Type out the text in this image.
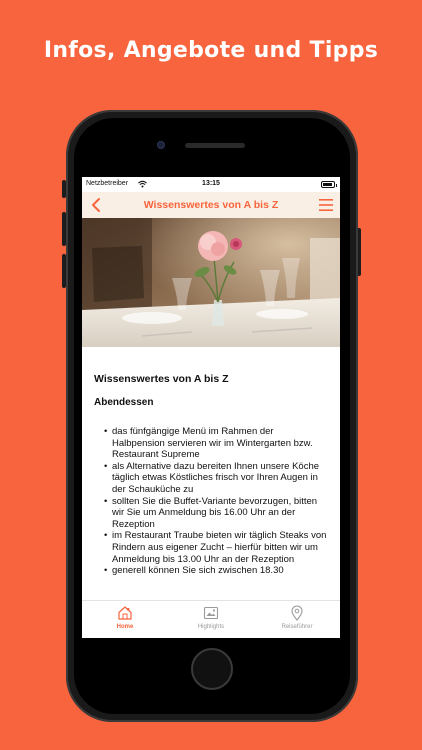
Infos, Angebote und Tipps
Netzbetreiber	13:15
Wissenswertes von A bis Z
Wissenswertes von A bis Z
Abendessen
• das fünfgängige Menü im Rahmen der Halbpension servieren wir im Wintergarten bzw. Restaurant Supreme
• als Alternative dazu bereiten Ihnen unsere Köche täglich etwas Köstliches frisch vor Ihren Augen in der Schauküche zu
• sollten Sie die Buffet-Variante bevorzugen, bitten wir Sie um Anmeldung bis 16.00 Uhr an der Rezeption
• im Restaurant Traube bieten wir täglich Steaks von Rindern aus eigener Zucht – hierfür bitten wir um Anmeldung bis 13.00 Uhr an der Rezeption
• generell können Sie sich zwischen 18.30
Home	Highlights	Reiseführer
